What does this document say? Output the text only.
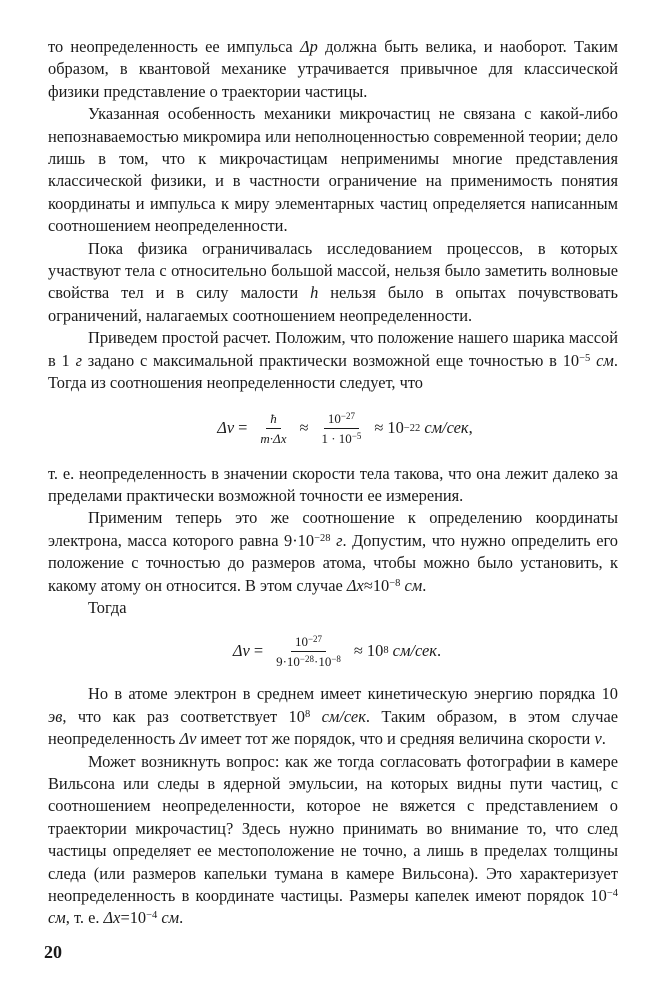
то неопределенность ее импульса Δp должна быть велика, и наоборот. Таким образом, в квантовой механике утрачивается привычное для классической физики представление о траектории частицы.

Указанная особенность механики микрочастиц не связана с какой-либо непознаваемостью микромира или неполноценностью современной теории; дело лишь в том, что к микрочастицам неприменимы многие представления классической физики, и в частности ограничение на применимость понятия координаты и импульса к миру элементарных частиц определяется написанным соотношением неопределенности.

Пока физика ограничивалась исследованием процессов, в которых участвуют тела с относительно большой массой, нельзя было заметить волновые свойства тел и в силу малости h нельзя было в опытах почувствовать ограничений, налагаемых соотношением неопределенности.

Приведем простой расчет. Положим, что положение нашего шарика массой в 1 г задано с максимальной практически возможной еще точностью в $10^{-5}$ см. Тогда из соотношения неопределенности следует, что

$\Delta v = \frac{ħ}{m\cdot\Delta x} \approx \frac{10^{-27}}{1 \cdot 10^{-5}} \approx 10 -22$
см/сек ,

т. е. неопределенность в значении скорости тела такова, что она лежит далеко за пределами практически возможной точности ее измерения.

Применим теперь это же соотношение к определению координаты электрона, масса которого равна $9\cdot 10^{-28}$ г. Допустим, что нужно определить его положение с точностью до размеров атома, чтобы можно было установить, к какому атому он относится. В этом случае $\Delta x\approx 10^{-8}$ см.

Тогда

$\Delta v = \frac{10^{-27}}{9\cdot 10^{-28}\cdot 10^{-8}} \approx 10$ 8
см/сек .

Но в атоме электрон в среднем имеет кинетическую энергию порядка 10 эв, что как раз соответствует $10^8$ см/сек. Таким образом, в этом случае неопределенность Δv имеет тот же порядок, что и средняя величина скорости v.

Может возникнуть вопрос: как же тогда согласовать фотографии в камере Вильсона или следы в ядерной эмульсии, на которых видны пути частиц, с соотношением неопределенности, которое не вяжется с представлением о траектории микрочастиц? Здесь нужно принимать во внимание то, что след частицы определяет ее местоположение не точно, а лишь в пределах толщины следа (или размеров капельки тумана в камере Вильсона). Это характеризует неопределенность в координате частицы. Размеры капелек имеют порядок $10^{-4}$ см, т. е. $\Delta x=10^{-4}$ см.

20
